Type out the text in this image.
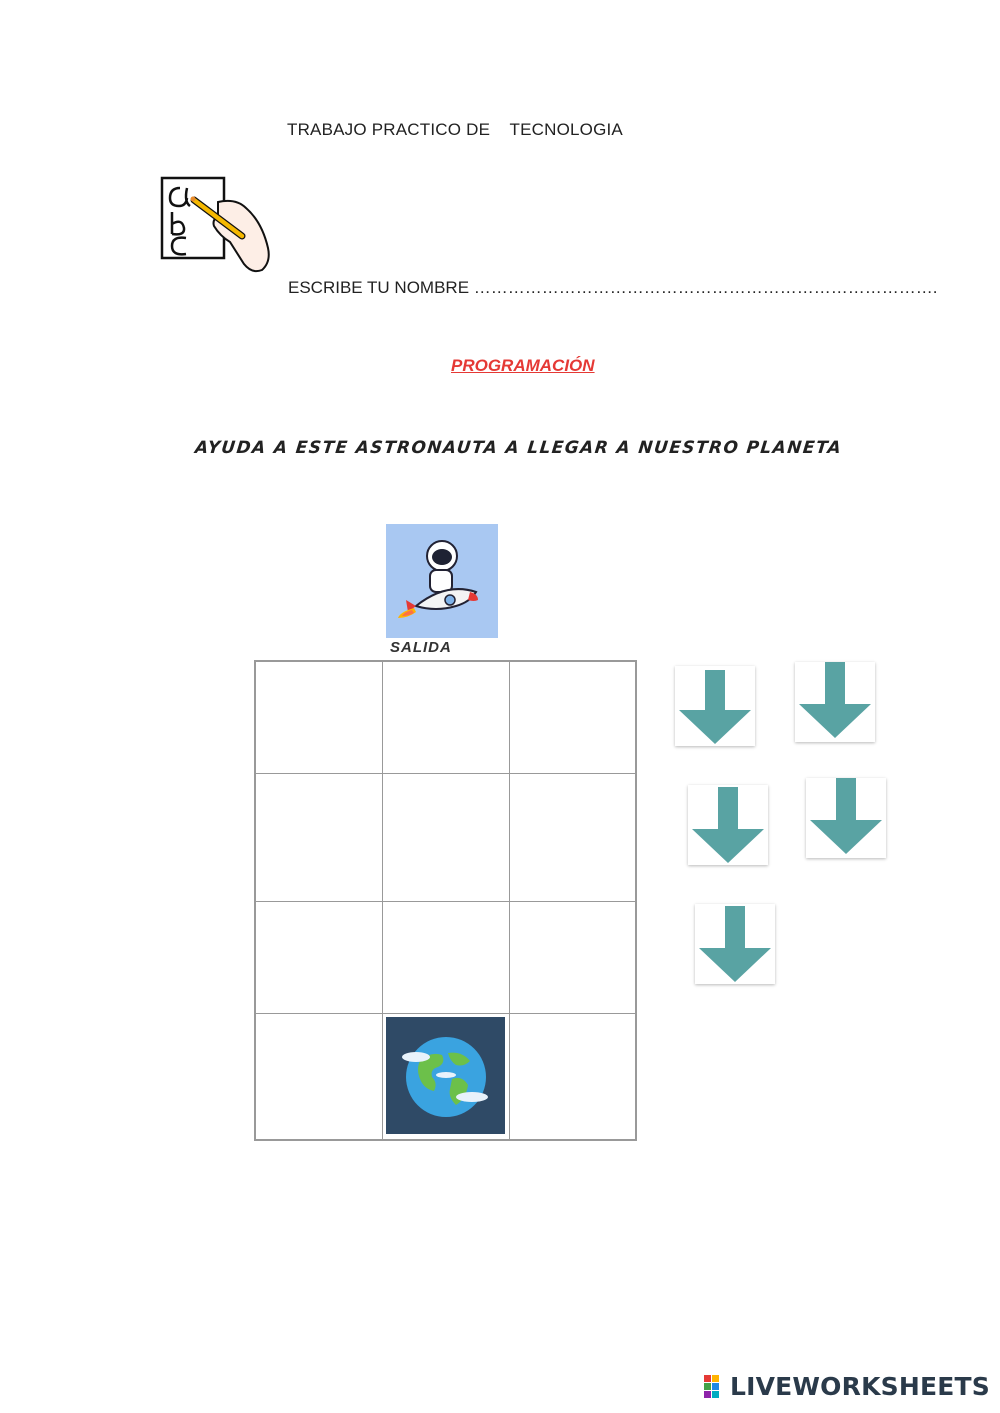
TRABAJO PRACTICO DE    TECNOLOGIA
ESCRIBE TU NOMBRE ……………………………………………………………………….
PROGRAMACIÓN
AYUDA A ESTE ASTRONAUTA A LLEGAR A NUESTRO PLANETA
SALIDA
LIVEWORKSHEETS
